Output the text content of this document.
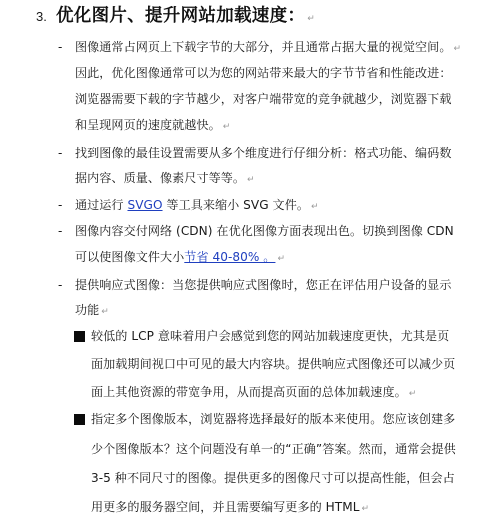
3. 优化图片、提升网站加载速度： ↵
-	图像通常占网页上下载字节的大部分，并且通常占据大量的视觉空间。 ↵
因此，优化图像通常可以为您的网站带来最大的字节节省和性能改进：
浏览器需要下载的字节越少，对客户端带宽的竞争就越少，浏览器下载
和呈现网页的速度就越快。 ↵
-	找到图像的最佳设置需要从多个维度进行仔细分析：格式功能、编码数
据内容、质量、像素尺寸等等。 ↵
-	通过运行 SVGO 等工具来缩小 SVG 文件。 ↵
-	图像内容交付网络 (CDN) 在优化图像方面表现出色。切换到图像 CDN
可以使图像文件大小节省 40-80% 。 ↵
-	提供响应式图像：当您提供响应式图像时，您正在评估用户设备的显示
功能 ↵
较低的 LCP 意味着用户会感觉到您的网站加载速度更快，尤其是页
面加载期间视口中可见的最大内容块。提供响应式图像还可以减少页
面上其他资源的带宽争用，从而提高页面的总体加载速度。 ↵
指定多个图像版本，浏览器将选择最好的版本来使用。您应该创建多
少个图像版本？这个问题没有单一的“正确”答案。然而，通常会提供
3-5 种不同尺寸的图像。提供更多的图像尺寸可以提高性能，但会占
用更多的服务器空间，并且需要编写更多的 HTML ↵
